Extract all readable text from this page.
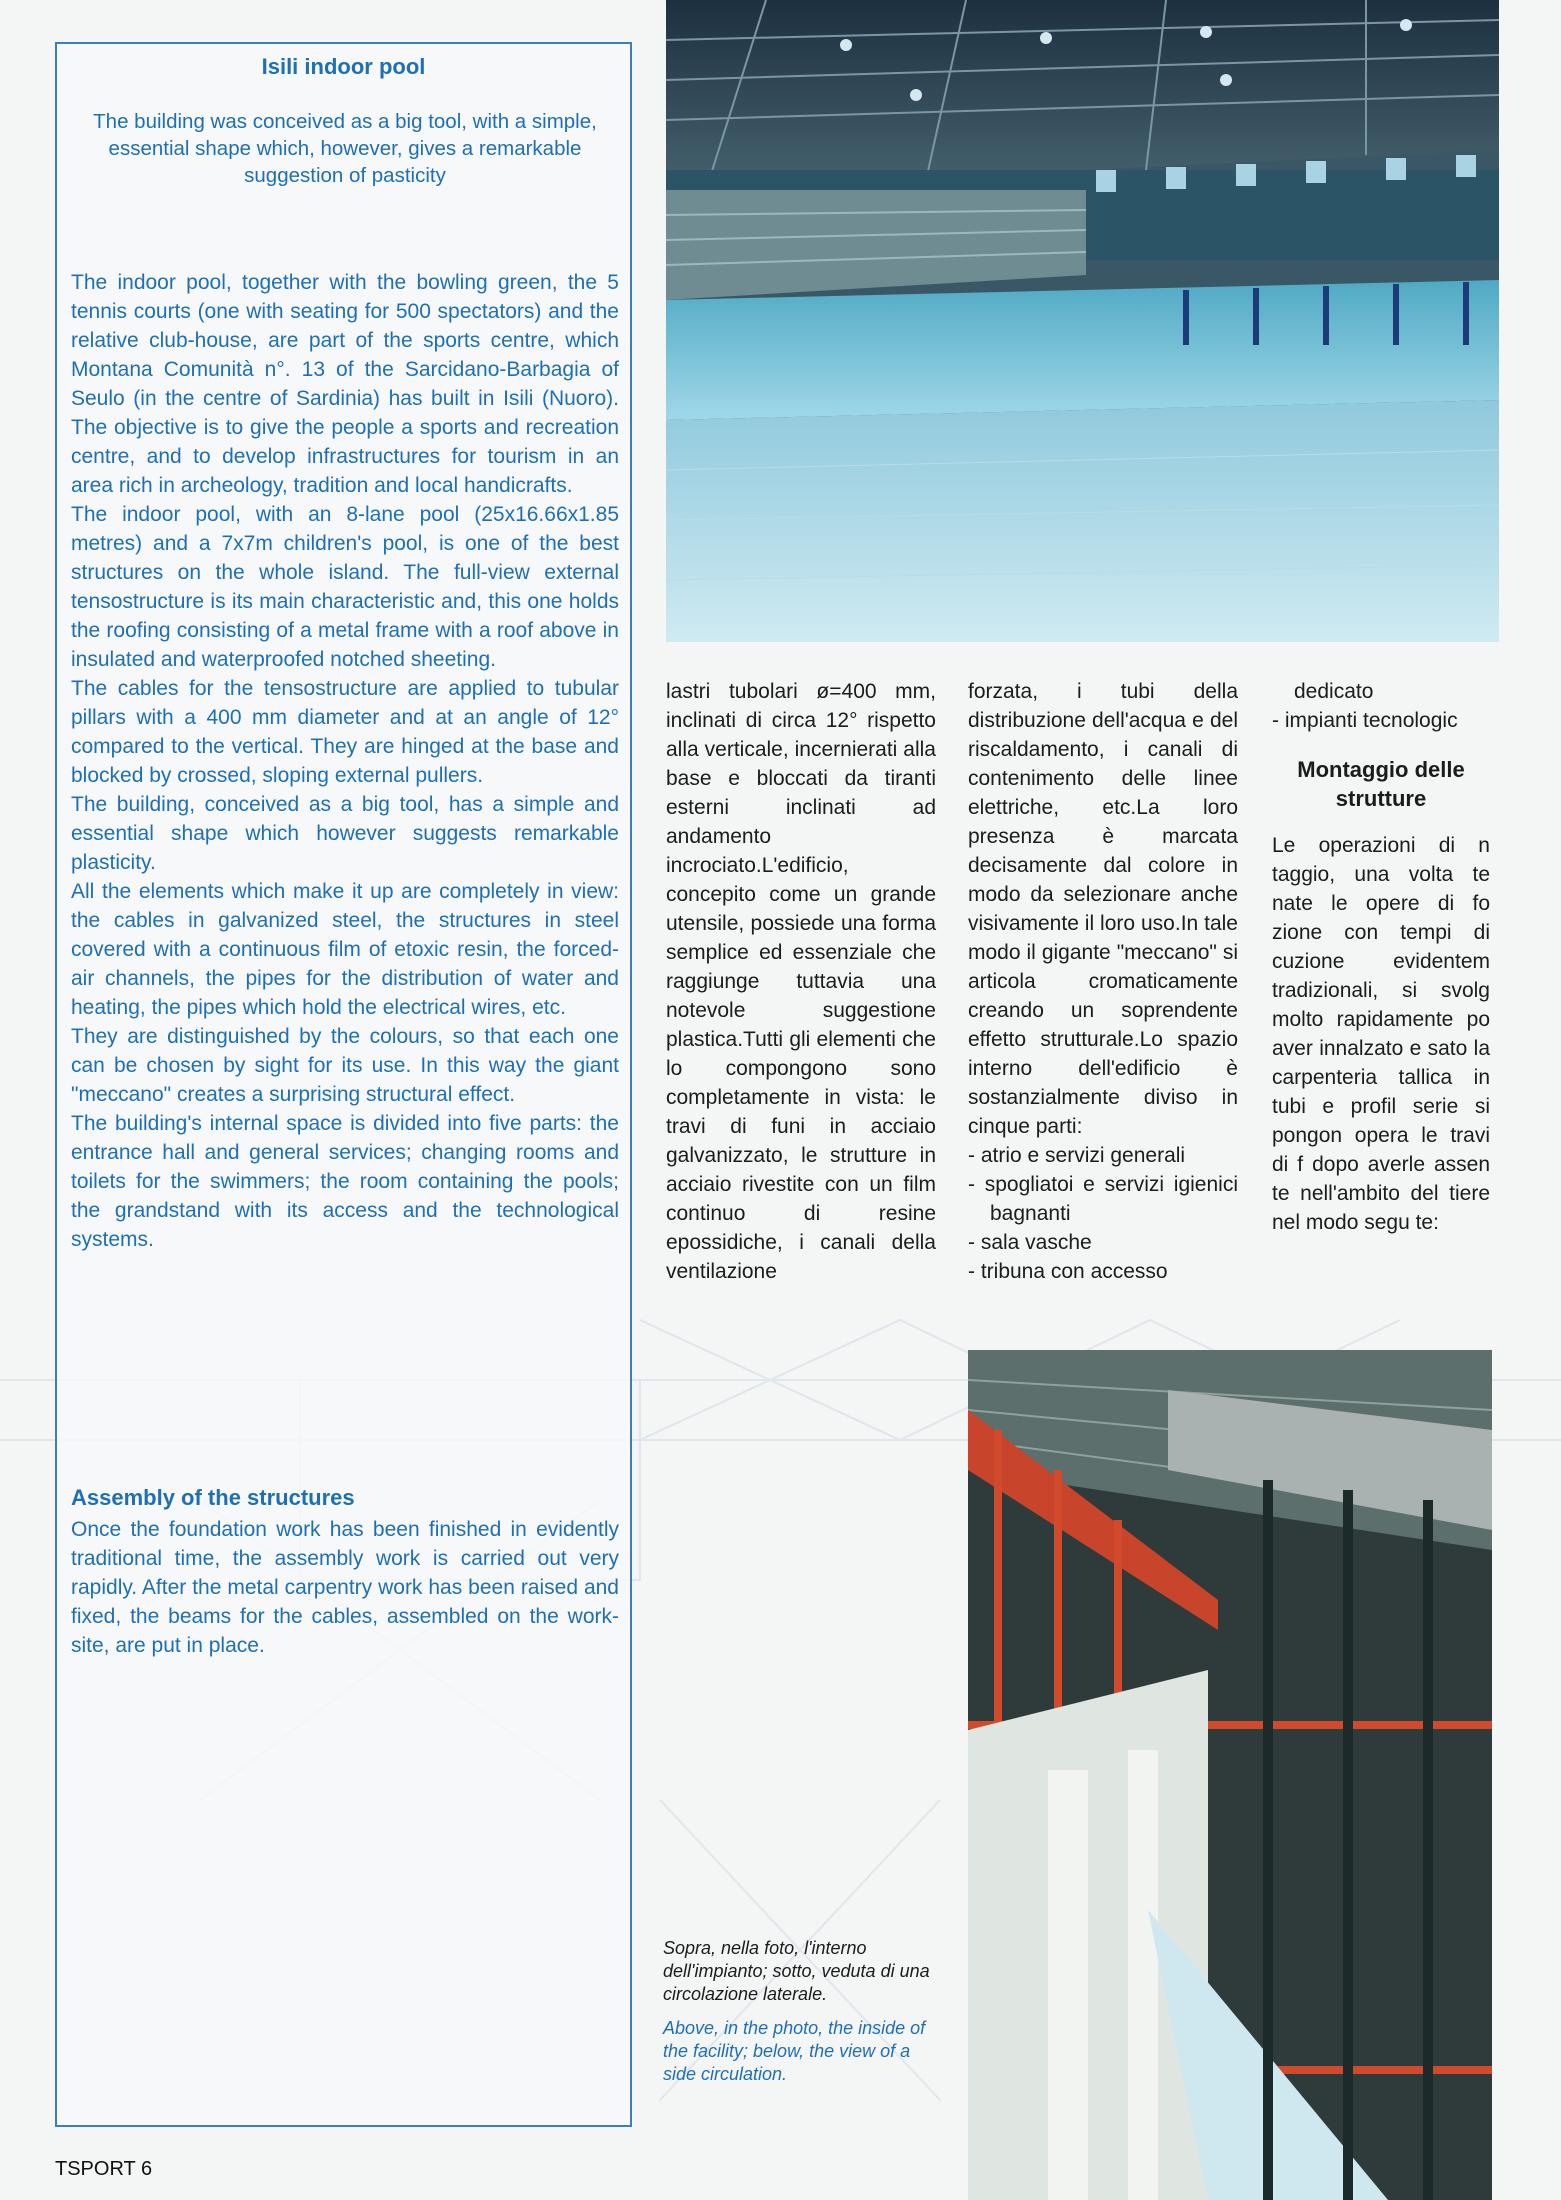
Isili indoor pool
The building was conceived as a big tool, with a simple, essential shape which, however, gives a remarkable suggestion of pasticity

The indoor pool, together with the bowling green, the 5 tennis courts (one with seating for 500 spectators) and the relative club-house, are part of the sports centre, which Montana Comunità n°. 13 of the Sarcidano-Barbagia of Seulo (in the centre of Sardinia) has built in Isili (Nuoro). The objective is to give the people a sports and recreation centre, and to develop infrastructures for tourism in an area rich in archeology, tradition and local handicrafts.

The indoor pool, with an 8-lane pool (25x16.66x1.85 metres) and a 7x7m children's pool, is one of the best structures on the whole island. The full-view external tensostructure is its main characteristic and, this one holds the roofing consisting of a metal frame with a roof above in insulated and waterproofed notched sheeting.

The cables for the tensostructure are applied to tubular pillars with a 400 mm diameter and at an angle of 12° compared to the vertical. They are hinged at the base and blocked by crossed, sloping external pullers.

The building, conceived as a big tool, has a simple and essential shape which however suggests remarkable plasticity.

All the elements which make it up are completely in view: the cables in galvanized steel, the structures in steel covered with a continuous film of etoxic resin, the forced-air channels, the pipes for the distribution of water and heating, the pipes which hold the electrical wires, etc.

They are distinguished by the colours, so that each one can be chosen by sight for its use. In this way the giant "meccano" creates a surprising structural effect.

The building's internal space is divided into five parts: the entrance hall and general services; changing rooms and toilets for the swimmers; the room containing the pools; the grandstand with its access and the technological systems.

Assembly of the structures

Once the foundation work has been finished in evidently traditional time, the assembly work is carried out very rapidly. After the metal carpentry work has been raised and fixed, the beams for the cables, assembled on the work-site, are put in place.

lastri tubolari ø=400 mm, inclinati di circa 12° rispetto alla verticale, incernierati alla base e bloccati da tiranti esterni inclinati ad andamento incrociato.L'edificio, concepito come un grande utensile, possiede una forma semplice ed essenziale che raggiunge tuttavia una notevole suggestione plastica.Tutti gli elementi che lo compongono sono completamente in vista: le travi di funi in acciaio galvanizzato, le strutture in acciaio rivestite con un film continuo di resine epossidiche, i canali della ventilazione

forzata, i tubi della distribuzione dell'acqua e del riscaldamento, i canali di contenimento delle linee elettriche, etc.La loro presenza è marcata decisamente dal colore in modo da selezionare anche visivamente il loro uso.In tale modo il gigante "meccano" si articola cromaticamente creando un soprendente effetto strutturale.Lo spazio interno dell'edificio è sostanzialmente diviso in cinque parti:

- atrio e servizi generali
- spogliatoi e servizi igienici bagnanti
- sala vasche
- tribuna con accesso

dedicato

- impianti tecnologic
Montaggio delle strutture

Le operazioni di n taggio, una volta te nate le opere di fo zione con tempi di cuzione evidentem tradizionali, si svolg molto rapidamente po aver innalzato e sato la carpenteria tallica in tubi e profil serie si pongon opera le travi di f dopo averle assen te nell'ambito del tiere nel modo segu te:

Sopra, nella foto, l'interno dell'impianto; sotto, veduta di una circolazione laterale.
Above, in the photo, the inside of the facility; below, the view of a side circulation.
TSPORT 6
